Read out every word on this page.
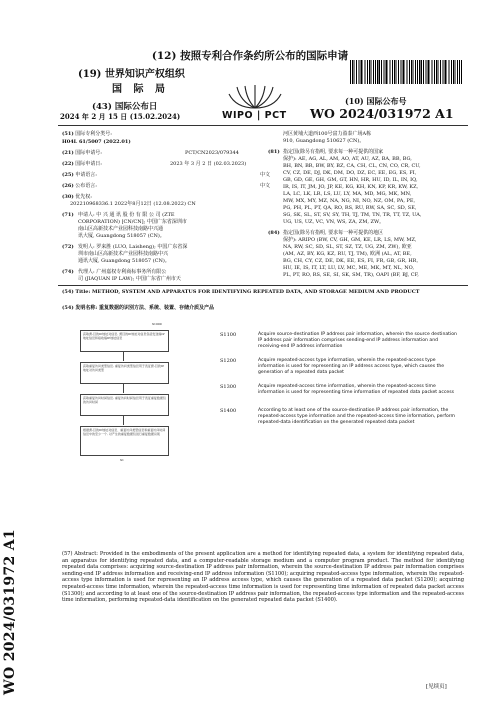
(12) 按照专利合作条约所公布的国际申请
(19) 世界知识产权组织
国 际 局
WIPO | PCT
(43) 国际公布日
2024 年 2 月 15 日 (15.02.2024)
(10) 国际公布号
WO 2024/031972 A1
(51) 国际专利分类号:
H04L 61/5007 (2022.01)
(21) 国际申请号:	PCT/CN2023/079344
(22) 国际申请日:	2023 年 3 月 2 日 (02.03.2023)
(25) 申请语言:	中文
(26) 公布语言:	中文
(30) 优先权:
202210968336.1 2022年8月12日 (12.08.2022) CN
(71) 申请人: 中 兴 通 讯 股 份 有 限 公 司 (ZTE
CORPORATION) [CN/CN]; 中国广东省深圳市
南山区高新技术产业园科技南路中兴通
讯大厦, Guangdong 518057 (CN)。
(72) 发明人: 罗来胜 (LUO, Laisheng); 中国广东省深
圳市南山区高新技术产业园科技南路中兴
通讯大厦, Guangdong 518057 (CN)。
(74) 代理人: 广州嘉权专利商标事务所有限公
司 (JIAQUAN IP LAW); 中国广东省广州市天
河区黄埔大道西100号富力盈泰广场A栋
910, Guangdong 510627 (CN)。
(81) 指定国(除另有指明, 要求每一种可提供的国家
保护): AE, AG, AL, AM, AO, AT, AU, AZ, BA, BB, BG,
BH, BN, BR, BW, BY, BZ, CA, CH, CL, CN, CO, CR, CU,
CV, CZ, DE, DJ, DK, DM, DO, DZ, EC, EE, EG, ES, FI,
GB, GD, GE, GH, GM, GT, HN, HR, HU, ID, IL, IN, IQ,
IR, IS, IT, JM, JO, JP, KE, KG, KH, KN, KP, KR, KW, KZ,
LA, LC, LK, LR, LS, LU, LY, MA, MD, MG, MK, MN,
MW, MX, MY, MZ, NA, NG, NI, NO, NZ, OM, PA, PE,
PG, PH, PL, PT, QA, RO, RS, RU, RW, SA, SC, SD, SE,
SG, SK, SL, ST, SV, SY, TH, TJ, TM, TN, TR, TT, TZ, UA,
UG, US, UZ, VC, VN, WS, ZA, ZM, ZW。
(84) 指定国(除另有指明, 要求每一种可提供的地区
保护): ARIPO (BW, CV, GH, GM, KE, LR, LS, MW, MZ,
NA, RW, SC, SD, SL, ST, SZ, TZ, UG, ZM, ZW), 欧亚
(AM, AZ, BY, KG, KZ, RU, TJ, TM), 欧洲 (AL, AT, BE,
BG, CH, CY, CZ, DE, DK, EE, ES, FI, FR, GB, GR, HR,
HU, IE, IS, IT, LT, LU, LV, MC, ME, MK, MT, NL, NO,
PL, PT, RO, RS, SE, SI, SK, SM, TR), OAPI (BF, BJ, CF,
(54) Title: METHOD, SYSTEM AND APPARATUS FOR IDENTIFYING REPEATED DATA, AND STORAGE MEDIUM AND PRODUCT
(54) 发明名称: 重复数据的识别方法、系统、装置、存储介质及产品
S1000
获取源-目的IP地址对信息, 源目的IP地址对信息包括发送端IP地址信息和接收端IP地址信息
获取重复访问类型信息, 重复访问类型信息用于表征源-目的IP地址对访问类型
获取重复访问时间信息, 重复访问时间信息用于表征重复数据包的访问时间
根据源-目的IP地址对信息、重复访问类型信息和重复访问时间信息中的至少一个, 对产生的重复数据包进行重复数据识别
S1
S1100	Acquire source-destination IP address pair information, wherein the source destination IP address pair information comprises sending-end IP address information and receiving-end IP address information
S1200	Acquire repeated-access type information, wherein the repeated-access type information is used for representing an IP address access type, which causes the generation of a repeated data packet
S1300	Acquire repeated-access time information, wherein the repeated-access time information is used for representing time information of repeated data packet access
S1400	According to at least one of the source-destination IP address pair information, the repeated-access type information and the repeated-access time information, perform repeated-data identification on the generated repeated data packet
(57) Abstract: Provided in the embodiments of the present application are a method for identifying repeated data, a system for identifying repeated data, an apparatus for identifying repeated data, and a computer-readable storage medium and a computer program product. The method for identifying repeated data comprises: acquiring source-destination IP address pair information, wherein the source-destination IP address pair information comprises sending-end IP address information and receiving-end IP address information (S1100); acquiring repeated-access type information, wherein the repeated-access type information is used for representing an IP address access type, which causes the generation of a repeated data packet (S1200); acquiring repeated-access time information, wherein the repeated-access time information is used for representing time information of repeated data packet access (S1300); and according to at least one of the source-destination IP address pair information, the repeated-access type information and the repeated-access time information, performing repeated-data identification on the generated repeated data packet (S1400).
WO 2024/031972 A1	[见续页]
